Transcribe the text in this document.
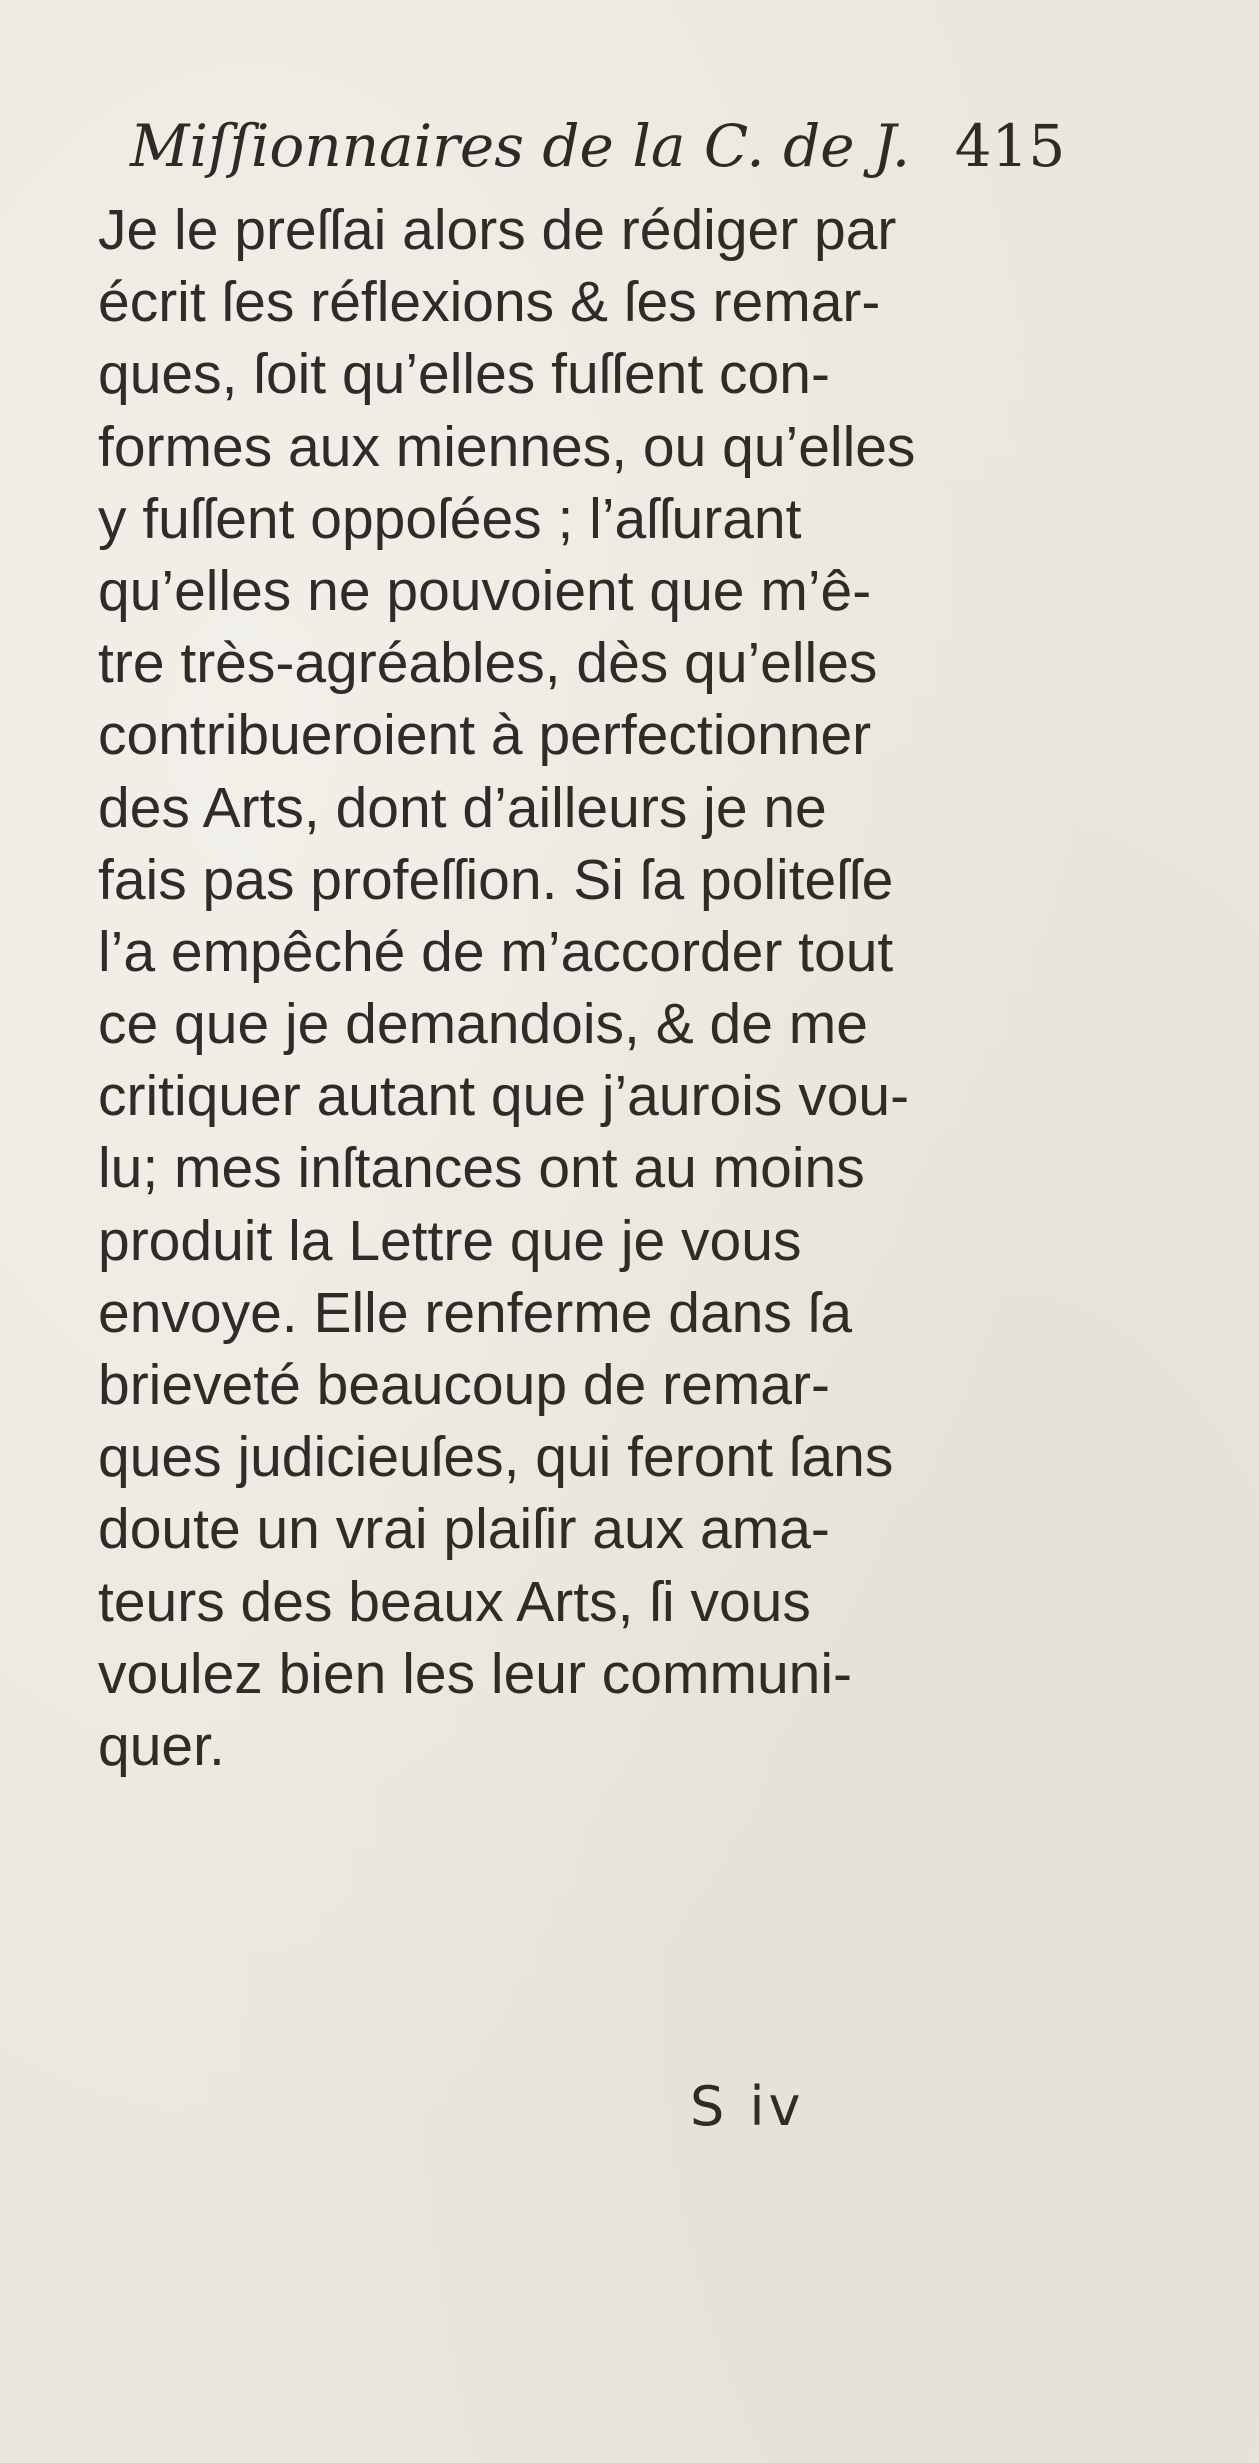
Miſſionnaires de la C. de J. 415
Je le preſſai alors de rédiger par
écrit ſes réflexions & ſes remar-
ques, ſoit qu’elles fuſſent con-
formes aux miennes, ou qu’elles
y fuſſent oppoſées ; l’aſſurant
qu’elles ne pouvoient que m’ê-
tre très-agréables, dès qu’elles
contribueroient à perfectionner
des Arts, dont d’ailleurs je ne
fais pas profeſſion. Si ſa politeſſe
l’a empêché de m’accorder tout
ce que je demandois, & de me
critiquer autant que j’aurois vou-
lu; mes inſtances ont au moins
produit la Lettre que je vous
envoye. Elle renferme dans ſa
brieveté beaucoup de remar-
ques judicieuſes, qui feront ſans
doute un vrai plaiſir aux ama-
teurs des beaux Arts, ſi vous
voulez bien les leur communi-
quer.
S iv
